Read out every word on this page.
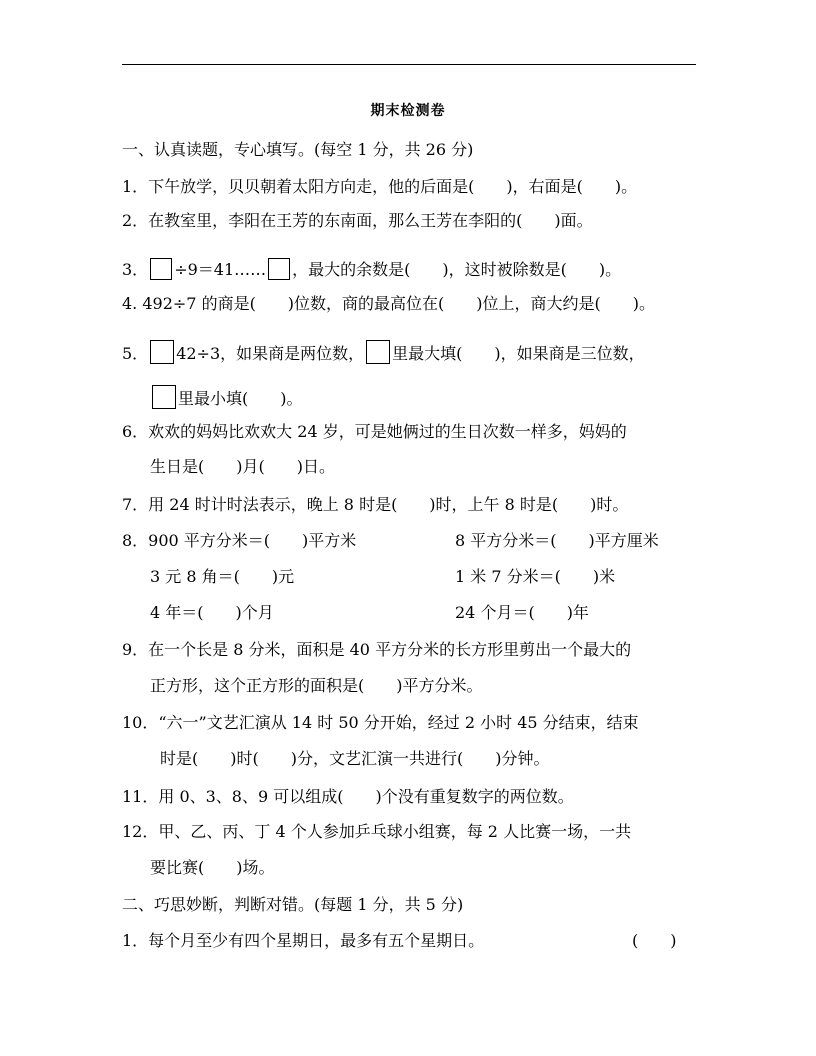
期末检测卷
一、认真读题，专心填写。(每空 1 分，共 26 分)
1．下午放学，贝贝朝着太阳方向走，他的后面是(　　)，右面是(　　)。
2．在教室里，李阳在王芳的东南面，那么王芳在李阳的(　　)面。
3． ÷9＝41…… ，最大的余数是(　　)，这时被除数是(　　)。
4. 492÷7 的商是(　　)位数，商的最高位在(　　)位上，商大约是(　　)。
5． 42÷3，如果商是两位数， 里最大填(　　)，如果商是三位数，
里最小填(　　)。
6．欢欢的妈妈比欢欢大 24 岁，可是她俩过的生日次数一样多，妈妈的
生日是(　　)月(　　)日。
7．用 24 时计时法表示，晚上 8 时是(　　)时，上午 8 时是(　　)时。
8．900 平方分米＝(　　)平方米	8 平方分米＝(　　)平方厘米
3 元 8 角＝(　　)元	1 米 7 分米＝(　　)米
4 年＝(　　)个月	24 个月＝(　　)年
9．在一个长是 8 分米，面积是 40 平方分米的长方形里剪出一个最大的
正方形，这个正方形的面积是(　　)平方分米。
10．“六一”文艺汇演从 14 时 50 分开始，经过 2 小时 45 分结束，结束
时是(　　)时(　　)分，文艺汇演一共进行(　　)分钟。
11．用 0、3、8、9 可以组成(　　)个没有重复数字的两位数。
12．甲、乙、丙、丁 4 个人参加乒乓球小组赛，每 2 人比赛一场，一共
要比赛(　　)场。
二、巧思妙断，判断对错。(每题 1 分，共 5 分)
1．每个月至少有四个星期日，最多有五个星期日。	(　　)
